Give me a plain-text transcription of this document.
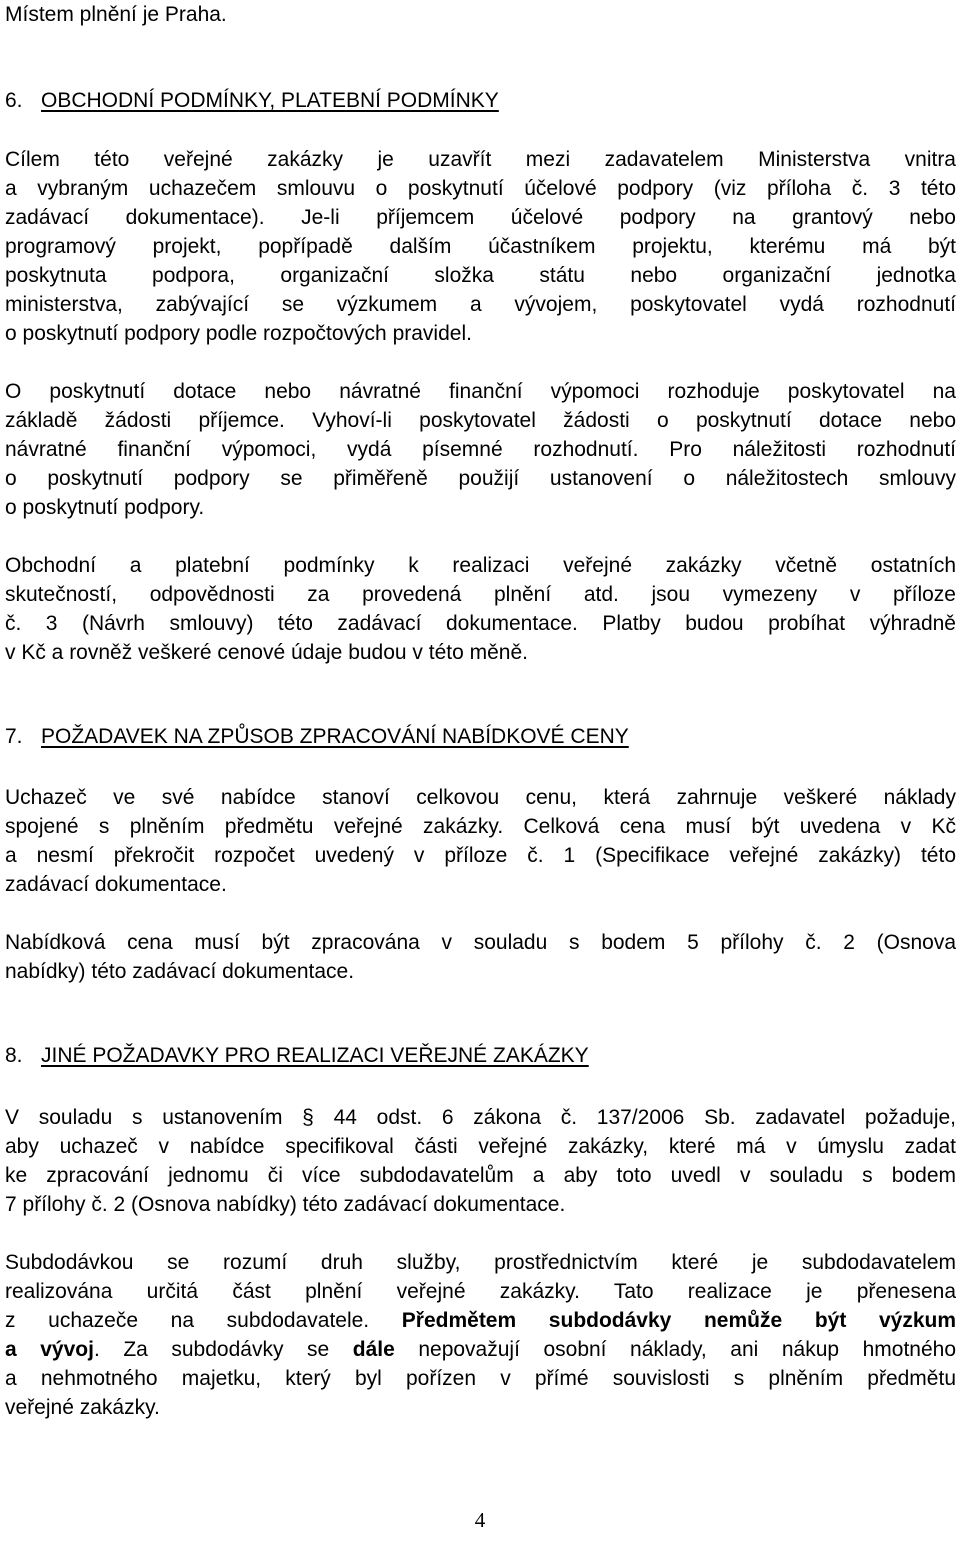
Místem plnění je Praha.
6. OBCHODNÍ PODMÍNKY, PLATEBNÍ PODMÍNKY
Cílem této veřejné zakázky je uzavřít mezi zadavatelem Ministerstva vnitra
a vybraným uchazečem smlouvu o poskytnutí účelové podpory (viz příloha č. 3 této
zadávací dokumentace). Je-li příjemcem účelové podpory na grantový nebo
programový projekt, popřípadě dalším účastníkem projektu, kterému má být
poskytnuta podpora, organizační složka státu nebo organizační jednotka
ministerstva, zabývající se výzkumem a vývojem, poskytovatel vydá rozhodnutí
o poskytnutí podpory podle rozpočtových pravidel.
O poskytnutí dotace nebo návratné finanční výpomoci rozhoduje poskytovatel na
základě žádosti příjemce. Vyhoví-li poskytovatel žádosti o poskytnutí dotace nebo
návratné finanční výpomoci, vydá písemné rozhodnutí. Pro náležitosti rozhodnutí
o poskytnutí podpory se přiměřeně použijí ustanovení o náležitostech smlouvy
o poskytnutí podpory.
Obchodní a platební podmínky k realizaci veřejné zakázky včetně ostatních
skutečností, odpovědnosti za provedená plnění atd. jsou vymezeny v příloze
č. 3 (Návrh smlouvy) této zadávací dokumentace. Platby budou probíhat výhradně
v Kč a rovněž veškeré cenové údaje budou v této měně.
7. POŽADAVEK NA ZPŮSOB ZPRACOVÁNÍ NABÍDKOVÉ CENY
Uchazeč ve své nabídce stanoví celkovou cenu, která zahrnuje veškeré náklady
spojené s plněním předmětu veřejné zakázky. Celková cena musí být uvedena v Kč
a nesmí překročit rozpočet uvedený v příloze č. 1 (Specifikace veřejné zakázky) této
zadávací dokumentace.
Nabídková cena musí být zpracována v souladu s bodem 5 přílohy č. 2 (Osnova
nabídky) této zadávací dokumentace.
8. JINÉ POŽADAVKY PRO REALIZACI VEŘEJNÉ ZAKÁZKY
V souladu s ustanovením § 44 odst. 6 zákona č. 137/2006 Sb. zadavatel požaduje,
aby uchazeč v nabídce specifikoval části veřejné zakázky, které má v úmyslu zadat
ke zpracování jednomu či více subdodavatelům a aby toto uvedl v souladu s bodem
7 přílohy č. 2 (Osnova nabídky) této zadávací dokumentace.
Subdodávkou se rozumí druh služby, prostřednictvím které je subdodavatelem
realizována určitá část plnění veřejné zakázky. Tato realizace je přenesena
z uchazeče na subdodavatele. Předmětem subdodávky nemůže být výzkum
a vývoj. Za subdodávky se dále nepovažují osobní náklady, ani nákup hmotného
a nehmotného majetku, který byl pořízen v přímé souvislosti s plněním předmětu
veřejné zakázky.
4
